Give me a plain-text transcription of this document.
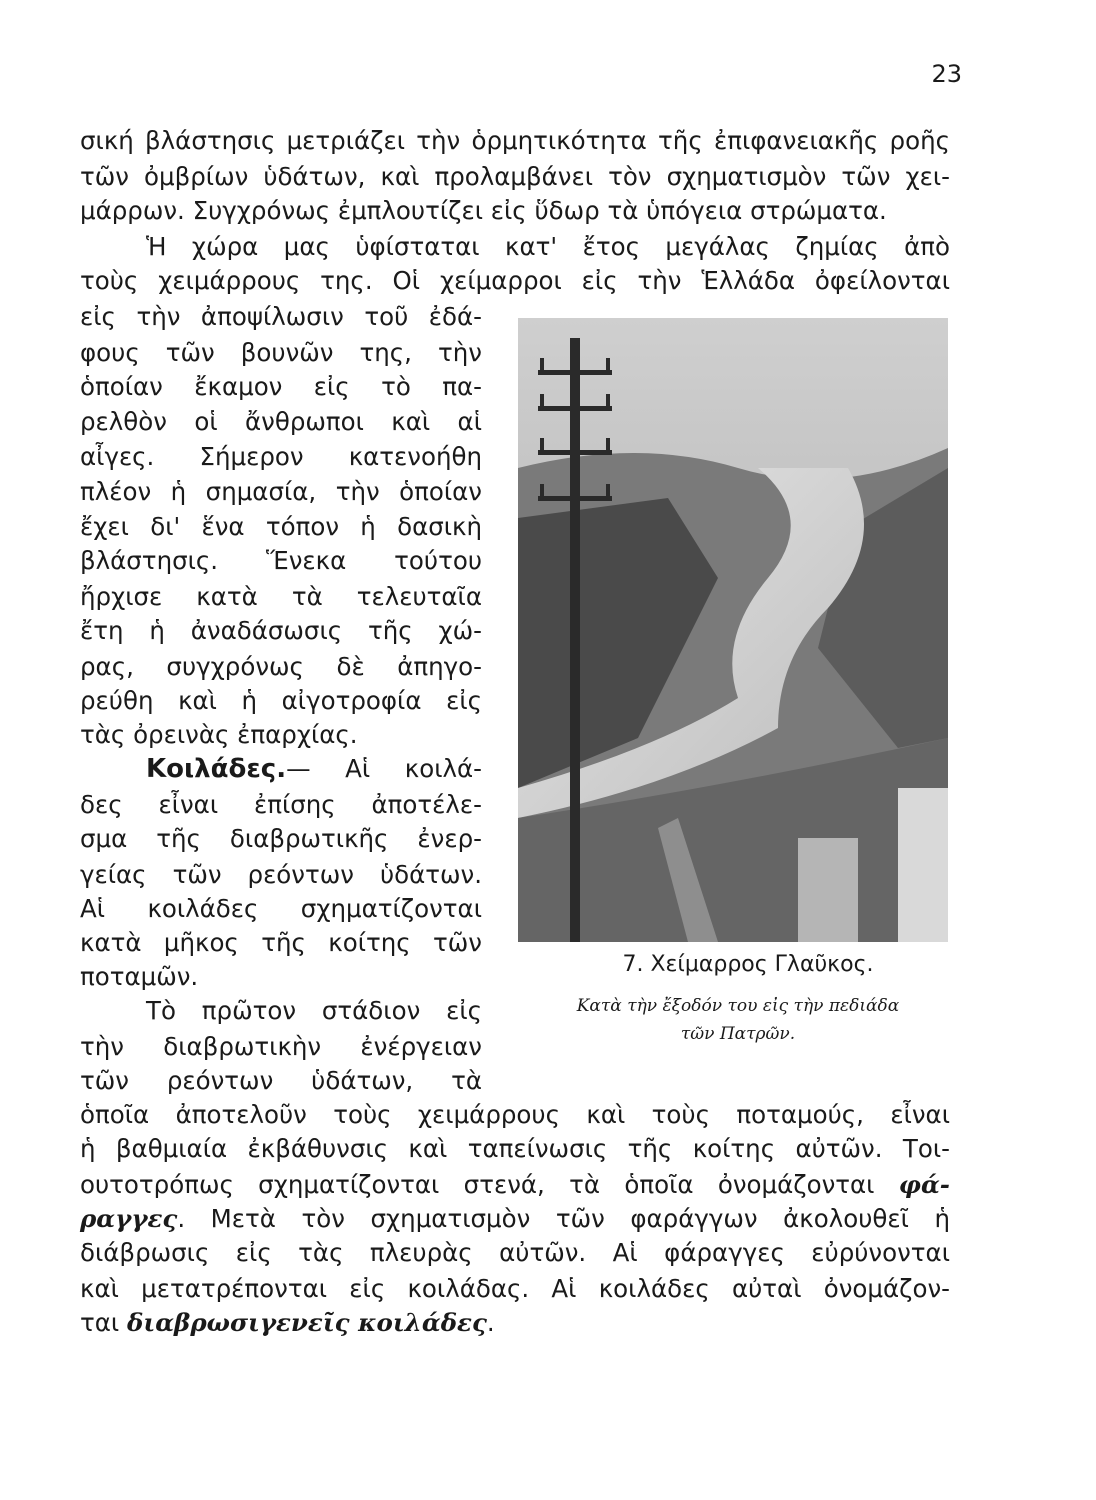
23
σική βλάστησις μετριάζει τὴν ὁρμητικότητα τῆς ἐπιφανειακῆς ροῆς
τῶν ὀμβρίων ὑδάτων, καὶ προλαμβάνει τὸν σχηματισμὸν τῶν χει-
μάρρων. Συγχρόνως ἐμπλουτίζει εἰς ὕδωρ τὰ ὑπόγεια στρώματα.
Ἡ χώρα μας ὑφίσταται κατ' ἔτος μεγάλας ζημίας ἀπὸ
τοὺς χειμάρρους της. Οἱ χείμαρροι εἰς τὴν Ἑλλάδα ὀφείλονται
εἰς τὴν ἀποψίλωσιν τοῦ ἐδά-
φους τῶν βουνῶν της, τὴν
ὁποίαν ἔκαμον εἰς τὸ πα-
ρελθὸν οἱ ἄνθρωποι καὶ αἱ
αἶγες. Σήμερον κατενοήθη
πλέον ἡ σημασία, τὴν ὁποίαν
ἔχει δι' ἕνα τόπον ἡ δασικὴ
βλάστησις. Ἕνεκα τούτου
ἤρχισε κατὰ τὰ τελευταῖα
ἔτη ἡ ἀναδάσωσις τῆς χώ-
ρας, συγχρόνως δὲ ἀπηγο-
ρεύθη καὶ ἡ αἰγοτροφία εἰς
τὰς ὀρεινὰς ἐπαρχίας.
Κοιλάδες.— Αἱ κοιλά-
δες εἶναι ἐπίσης ἀποτέλε-
σμα τῆς διαβρωτικῆς ἐνερ-
γείας τῶν ρεόντων ὑδάτων.
Αἱ κοιλάδες σχηματίζονται
κατὰ μῆκος τῆς κοίτης τῶν
ποταμῶν.
Τὸ πρῶτον στάδιον εἰς
τὴν διαβρωτικὴν ἐνέργειαν
τῶν ρεόντων ὑδάτων, τὰ
ὁποῖα ἀποτελοῦν τοὺς χειμάρρους καὶ τοὺς ποταμούς, εἶναι
ἡ βαθμιαία ἐκβάθυνσις καὶ ταπείνωσις τῆς κοίτης αὐτῶν. Τοι-
ουτοτρόπως σχηματίζονται στενά, τὰ ὁποῖα ὀνομάζονται φά-
ραγγες. Μετὰ τὸν σχηματισμὸν τῶν φαράγγων ἀκολουθεῖ ἡ
διάβρωσις εἰς τὰς πλευρὰς αὐτῶν. Αἱ φάραγγες εὐρύνονται
καὶ μετατρέπονται εἰς κοιλάδας. Αἱ κοιλάδες αὐταὶ ὀνομάζον-
ται διαβρωσιγενεῖς κοιλάδες.
7. Χείμαρρος Γλαῦκος.
Κατὰ τὴν ἔξοδόν του εἰς τὴν πεδιάδα
τῶν Πατρῶν.
